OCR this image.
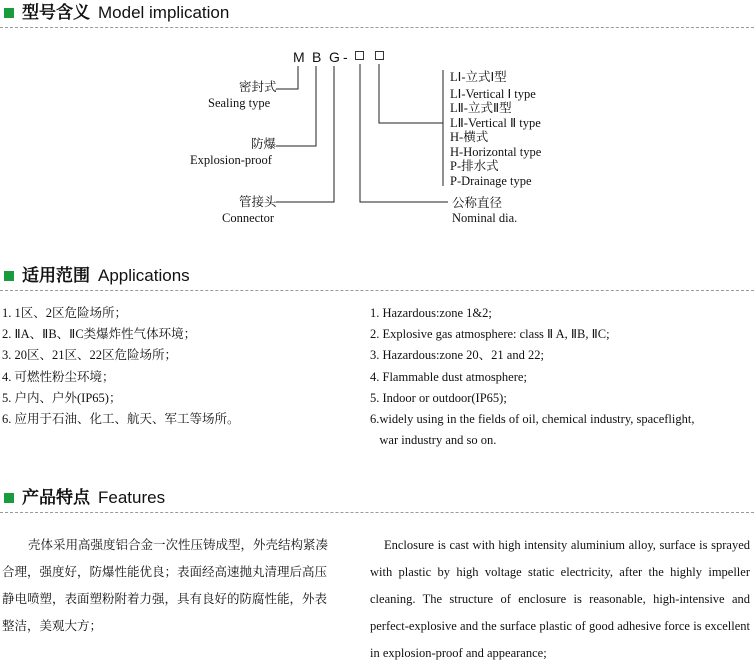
型号含义 Model implication
M B G -
密封式
Sealing type
防爆
Explosion-proof
管接头
Connector
LⅠ-立式Ⅰ型
LⅠ-Vertical Ⅰ type
LⅡ-立式Ⅱ型
LⅡ-Vertical Ⅱ type
H-横式
H-Horizontal type
P-排水式
P-Drainage type
公称直径
Nominal dia.
适用范围 Applications
1. 1区、2区危险场所；
2. ⅡA、ⅡB、ⅡC类爆炸性气体环境；
3. 20区、21区、22区危险场所；
4. 可燃性粉尘环境；
5. 户内、户外(IP65)；
6. 应用于石油、化工、航天、军工等场所。
1. Hazardous:zone 1&2;
2. Explosive gas atmosphere: class Ⅱ A, ⅡB, ⅡC;
3. Hazardous:zone 20、21 and 22;
4. Flammable dust atmosphere;
5. Indoor or outdoor(IP65);
6.widely using in the fields of oil, chemical industry, spaceflight,
war industry and so on.
产品特点 Features

壳体采用高强度铝合金一次性压铸成型，外壳结构紧凑合理，强度好，防爆性能优良；表面经高速抛丸清理后高压静电喷塑，表面塑粉附着力强，具有良好的防腐性能，外表整洁，美观大方；

Enclosure is cast with high intensity aluminium alloy, surface is sprayed with plastic by high voltage static electricity, after the highly impeller cleaning. The structure of enclosure is reasonable, high-intensive and perfect-explosive and the surface plastic of good adhesive force is excellent in explosion-proof and appearance;
